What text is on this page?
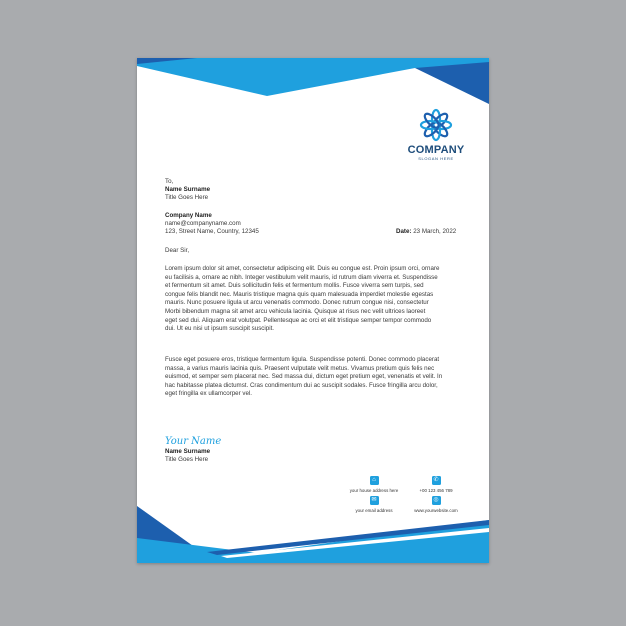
COMPANY
SLOGAN HERE
To,
Name Surname
Title Goes Here
Company Name
name@companyname.com
123, Street Name, Country, 12345	Date: 23 March, 2022
Dear Sir,
Lorem ipsum dolor sit amet, consectetur adipiscing elit. Duis eu congue est. Proin ipsum orci, ornare
eu facilisis a, ornare ac nibh. Integer vestibulum velit mauris, id rutrum diam viverra et. Suspendisse
et fermentum sit amet. Duis sollicitudin felis et fermentum mollis. Fusce viverra sem turpis, sed
congue felis blandit nec. Mauris tristique magna quis quam malesuada imperdiet molestie egestas
mauris. Nunc posuere ligula ut arcu venenatis commodo. Donec rutrum congue nisi, consectetur
Morbi bibendum magna sit amet arcu vehicula lacinia. Quisque at risus nec velit ultrices laoreet
eget sed dui. Aliquam erat volutpat. Pellentesque ac orci et elit tristique semper tempor commodo
dui. Ut eu nisi ut ipsum suscipit suscipit.
Fusce eget posuere eros, tristique fermentum ligula. Suspendisse potenti. Donec commodo placerat
massa, a varius mauris lacinia quis. Praesent vulputate velit metus. Vivamus pretium quis felis nec
euismod, et semper sem placerat nec. Sed massa dui, dictum eget pretium eget, venenatis et velit. In
hac habitasse platea dictumst. Cras condimentum dui ac suscipit sodales. Fusce fringilla arcu dolor,
eget fringilla ex ullamcorper vel.
Your Name
Name Surname
Title Goes Here
⌂
your house address here
✆
+00 123 456 789
✉
your email address
◎
www.yourwebsite.com
